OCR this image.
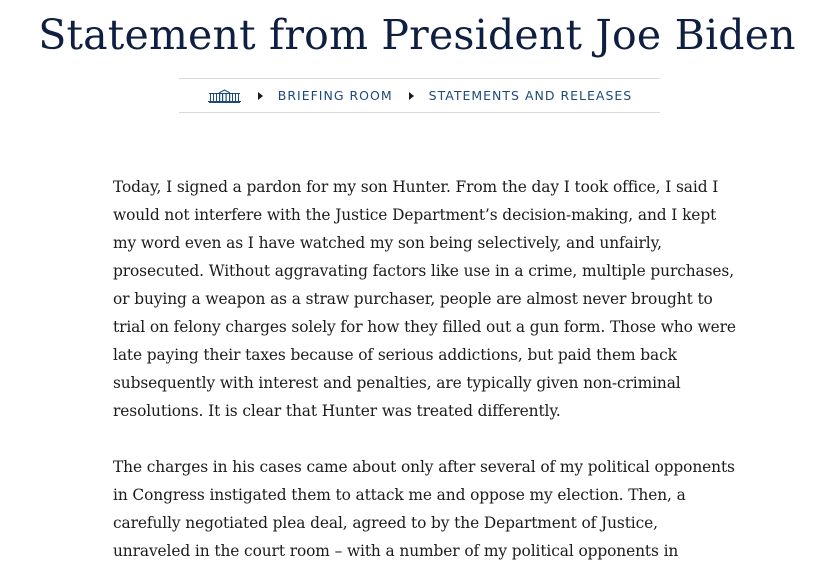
Statement from President Joe Biden
BRIEFING ROOM	STATEMENTS AND RELEASES

Today, I signed a pardon for my son Hunter. From the day I took office, I said I would not interfere with the Justice Department’s decision-making, and I kept my word even as I have watched my son being selectively, and unfairly, prosecuted. Without aggravating factors like use in a crime, multiple purchases, or buying a weapon as a straw purchaser, people are almost never brought to trial on felony charges solely for how they filled out a gun form. Those who were late paying their taxes because of serious addictions, but paid them back subsequently with interest and penalties, are typically given non-criminal resolutions. It is clear that Hunter was treated differently.

The charges in his cases came about only after several of my political opponents in Congress instigated them to attack me and oppose my election. Then, a carefully negotiated plea deal, agreed to by the Department of Justice, unraveled in the court room – with a number of my political opponents in
